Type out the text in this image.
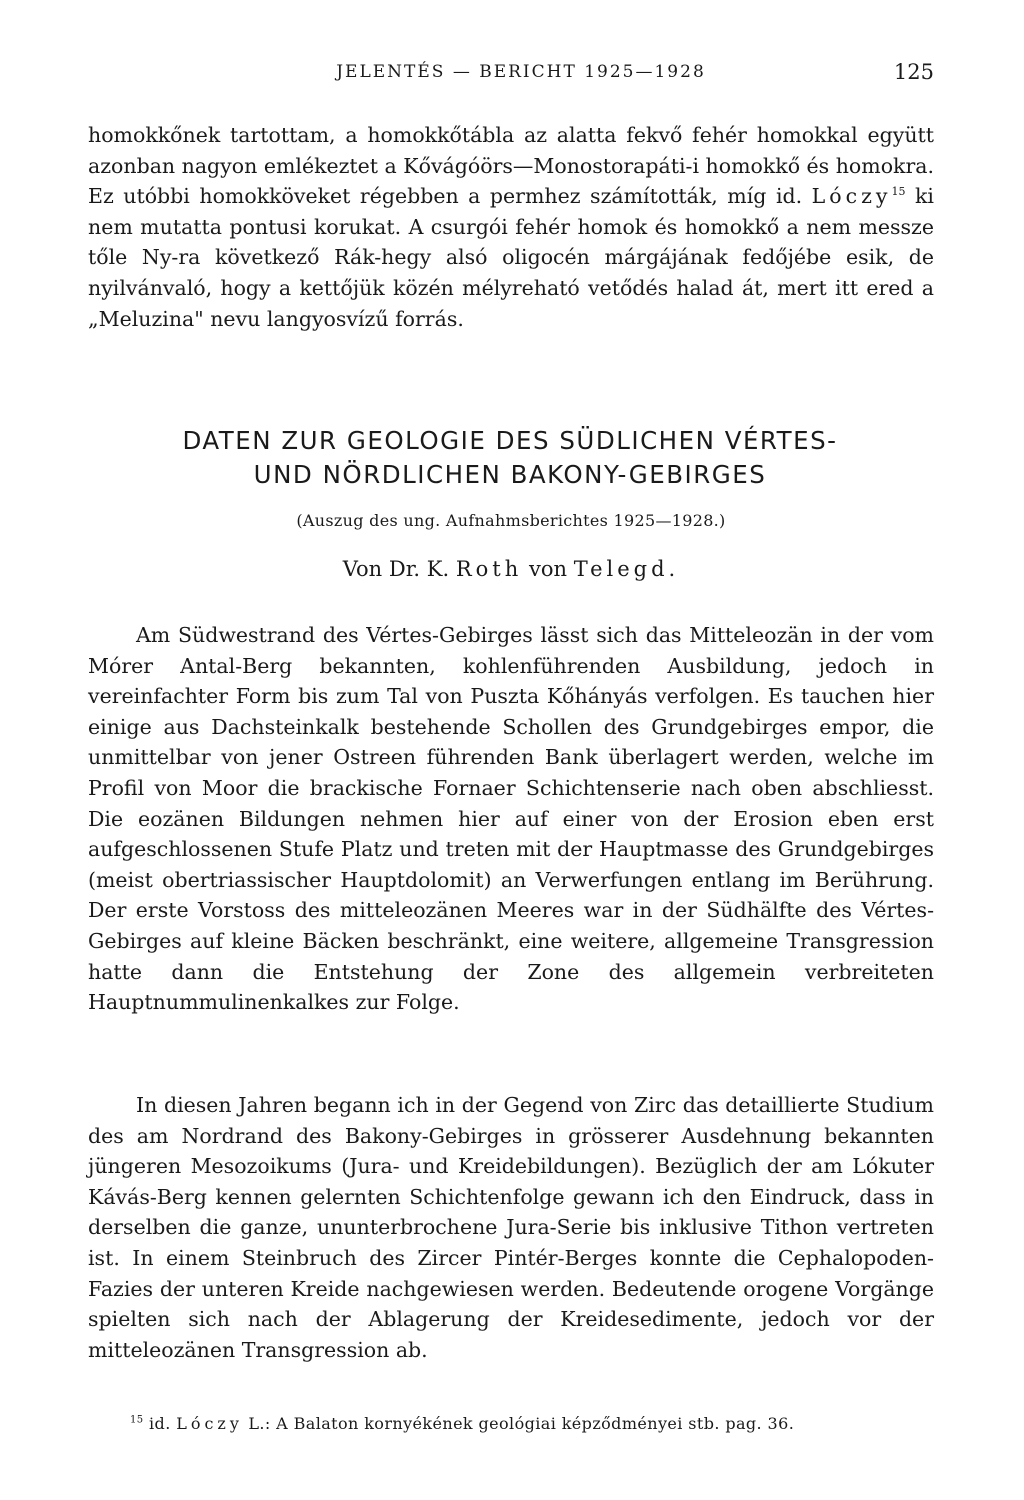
JELENTÉS — BERICHT 1925—1928	125

homokkőnek tartottam, a homokkőtábla az alatta fekvő fehér homokkal együtt azonban nagyon emlékeztet a Kővágóörs—Monostorapáti-i homokkő és homokra. Ez utóbbi homokköveket régebben a permhez számították, míg id. Lóczy$^{15}$ ki nem mutatta pontusi korukat. A csurgói fehér homok és homokkő a nem messze tőle Ny-ra következő Rák-hegy alsó oligocén márgájának fedőjébe esik, de nyilvánvaló, hogy a kettőjük közén mélyreható vetődés halad át, mert itt ered a „Meluzina" nevu langyosvízű forrás.

DATEN ZUR GEOLOGIE DES SÜDLICHEN VÉRTES-
UND NÖRDLICHEN BAKONY-GEBIRGES
(Auszug des ung. Aufnahmsberichtes 1925—1928.)
Von Dr. K. Roth von Telegd.

Am Südwestrand des Vértes-Gebirges lässt sich das Mitteleozän in der vom Mórer Antal-Berg bekannten, kohlenführenden Ausbildung, jedoch in vereinfachter Form bis zum Tal von Puszta Kőhányás verfolgen. Es tauchen hier einige aus Dachsteinkalk bestehende Schollen des Grundgebirges empor, die unmittelbar von jener Ostreen führenden Bank überlagert werden, welche im Profil von Moor die brackische Fornaer Schichtenserie nach oben abschliesst. Die eozänen Bildungen nehmen hier auf einer von der Erosion eben erst aufgeschlossenen Stufe Platz und treten mit der Hauptmasse des Grundgebirges (meist obertriassischer Hauptdolomit) an Verwerfungen entlang im Berührung. Der erste Vorstoss des mitteleozänen Meeres war in der Südhälfte des Vértes-Gebirges auf kleine Bäcken beschränkt, eine weitere, allgemeine Transgression hatte dann die Entstehung der Zone des allgemein verbreiteten Hauptnummulinenkalkes zur Folge.

In diesen Jahren begann ich in der Gegend von Zirc das detaillierte Studium des am Nordrand des Bakony-Gebirges in grösserer Ausdehnung bekannten jüngeren Mesozoikums (Jura- und Kreidebildungen). Bezüglich der am Lókuter Kávás-Berg kennen gelernten Schichtenfolge gewann ich den Eindruck, dass in derselben die ganze, ununterbrochene Jura-Serie bis inklusive Tithon vertreten ist. In einem Steinbruch des Zircer Pintér-Berges konnte die Cephalopoden-Fazies der unteren Kreide nachgewiesen werden. Bedeutende orogene Vorgänge spielten sich nach der Ablagerung der Kreidesedimente, jedoch vor der mitteleozänen Transgression ab.

$^{15}$ id. Lóczy L.: A Balaton kornyékének geológiai képződményei stb. pag. 36.
